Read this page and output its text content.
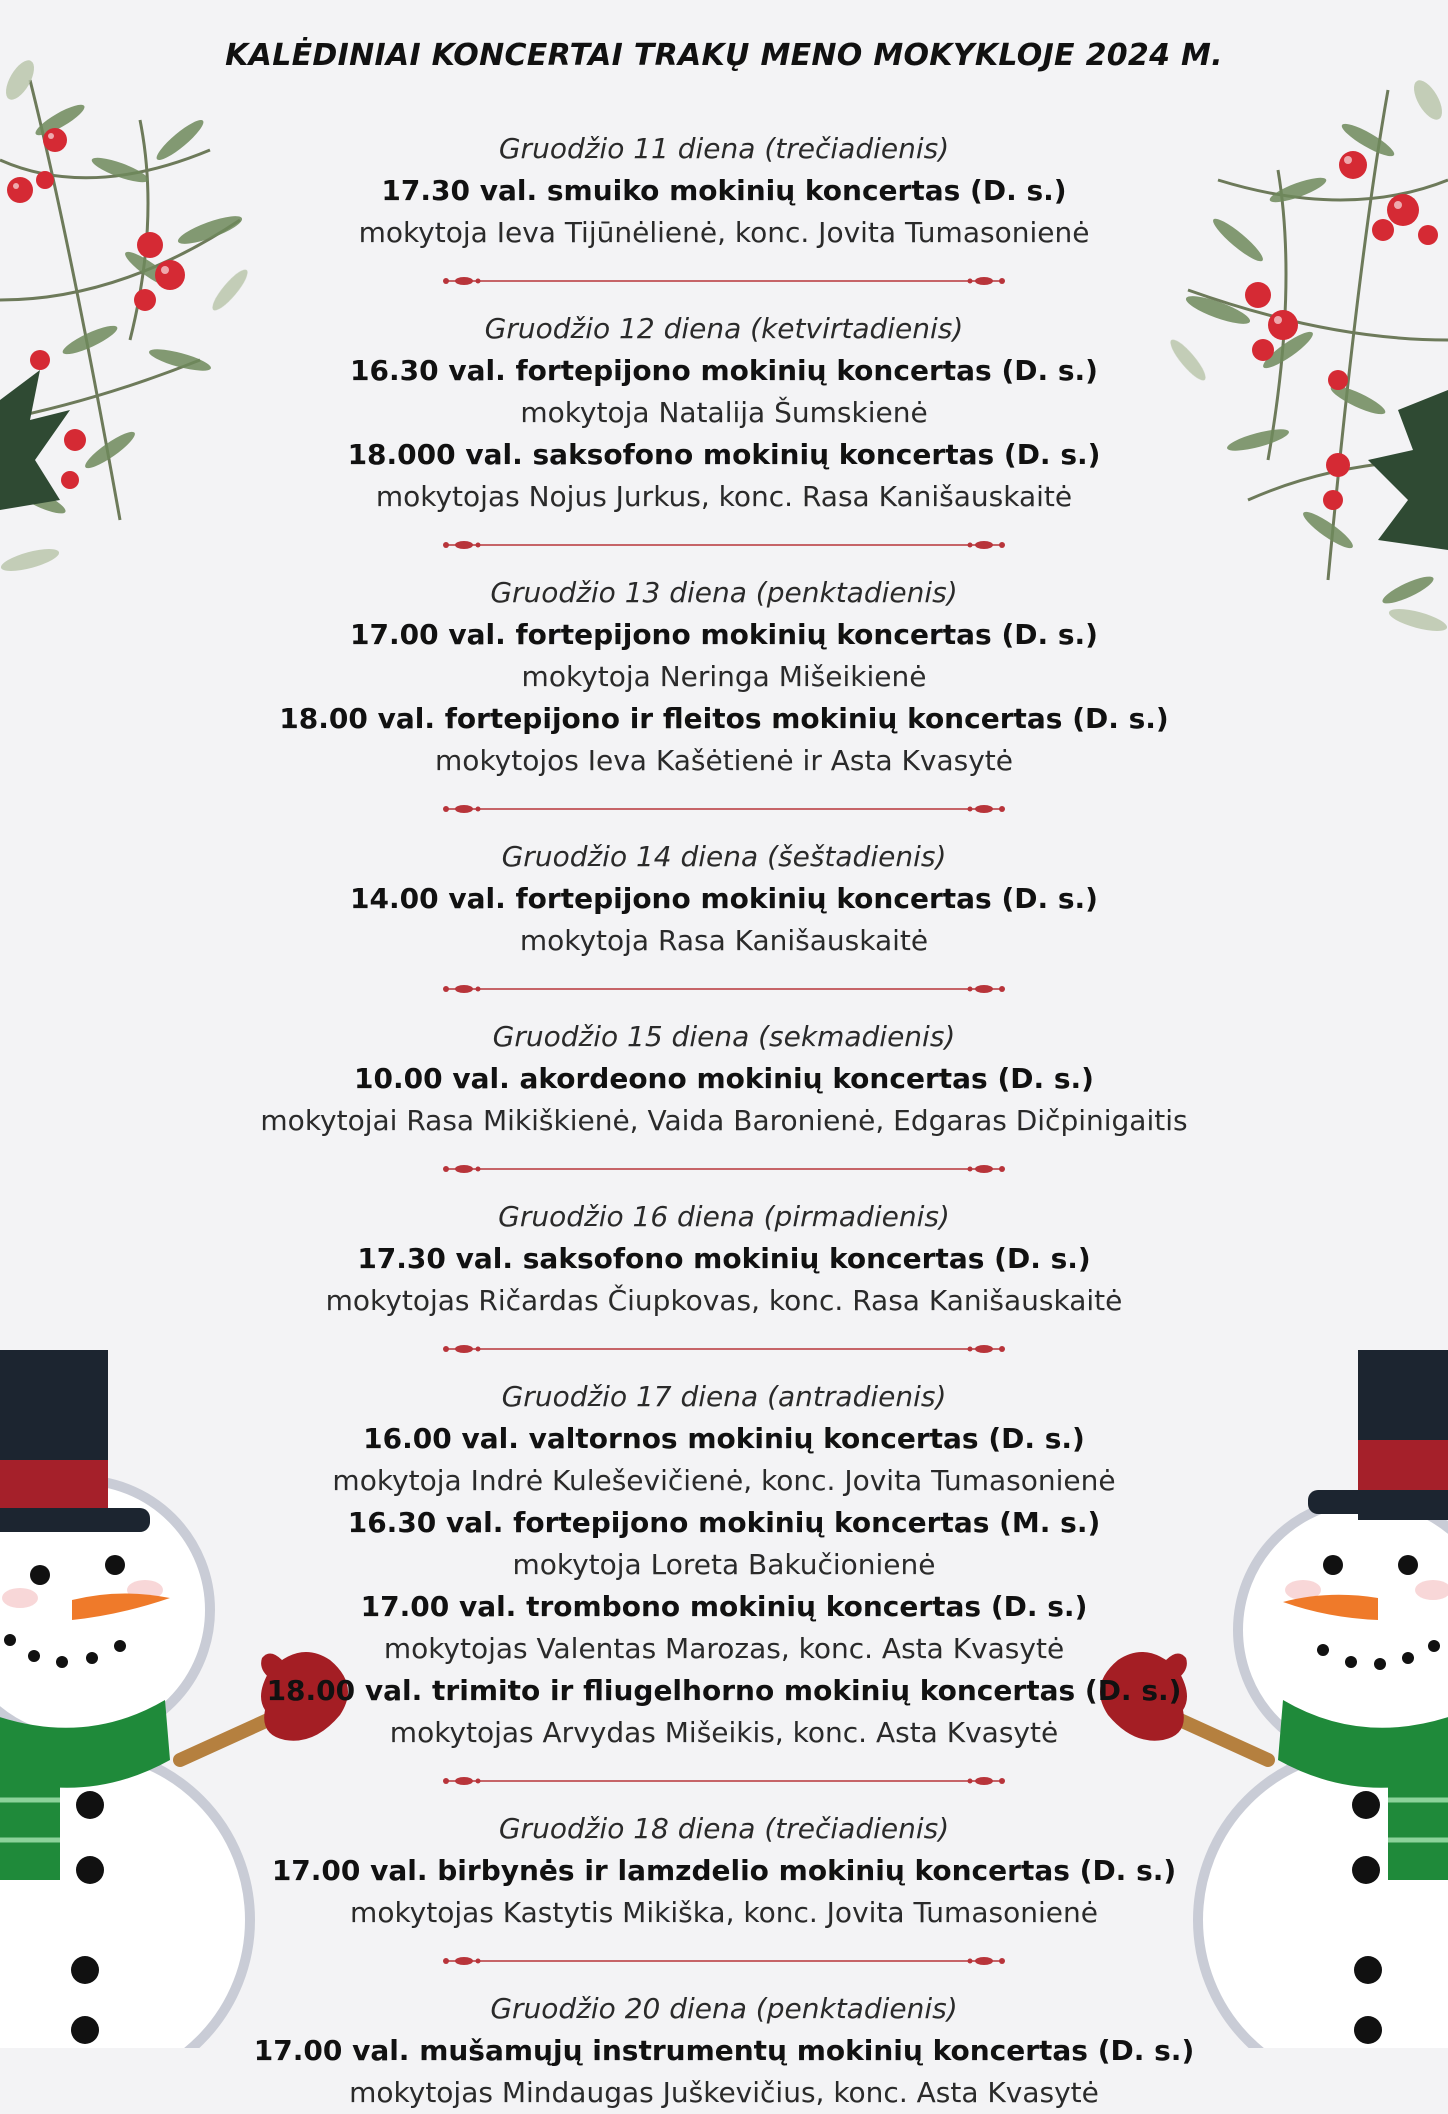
KALĖDINIAI KONCERTAI TRAKŲ MENO MOKYKLOJE 2024 M.
Gruodžio 11 diena (trečiadienis)
17.30 val. smuiko mokinių koncertas (D. s.)
mokytoja Ieva Tijūnėlienė, konc. Jovita Tumasonienė
Gruodžio 12 diena (ketvirtadienis)
16.30 val. fortepijono mokinių koncertas (D. s.)
mokytoja Natalija Šumskienė
18.000 val. saksofono mokinių koncertas (D. s.)
mokytojas Nojus Jurkus, konc. Rasa Kanišauskaitė
Gruodžio 13 diena (penktadienis)
17.00 val. fortepijono mokinių koncertas (D. s.)
mokytoja Neringa Mišeikienė
18.00 val. fortepijono ir fleitos mokinių koncertas (D. s.)
mokytojos Ieva Kašėtienė ir Asta Kvasytė
Gruodžio 14 diena (šeštadienis)
14.00 val. fortepijono mokinių koncertas (D. s.)
mokytoja Rasa Kanišauskaitė
Gruodžio 15 diena (sekmadienis)
10.00 val. akordeono mokinių koncertas (D. s.)
mokytojai Rasa Mikiškienė, Vaida Baronienė, Edgaras Dičpinigaitis
Gruodžio 16 diena (pirmadienis)
17.30 val. saksofono mokinių koncertas (D. s.)
mokytojas Ričardas Čiupkovas, konc. Rasa Kanišauskaitė
Gruodžio 17 diena (antradienis)
16.00 val. valtornos mokinių koncertas (D. s.)
mokytoja Indrė Kuleševičienė, konc. Jovita Tumasonienė
16.30 val. fortepijono mokinių koncertas (M. s.)
mokytoja Loreta Bakučionienė
17.00 val. trombono mokinių koncertas (D. s.)
mokytojas Valentas Marozas, konc. Asta Kvasytė
18.00 val. trimito ir fliugelhorno mokinių koncertas (D. s.)
mokytojas Arvydas Mišeikis, konc. Asta Kvasytė
Gruodžio 18 diena (trečiadienis)
17.00 val. birbynės ir lamzdelio mokinių koncertas (D. s.)
mokytojas Kastytis Mikiška, konc. Jovita Tumasonienė
Gruodžio 20 diena (penktadienis)
17.00 val. mušamųjų instrumentų mokinių koncertas (D. s.)
mokytojas Mindaugas Juškevičius, konc. Asta Kvasytė
